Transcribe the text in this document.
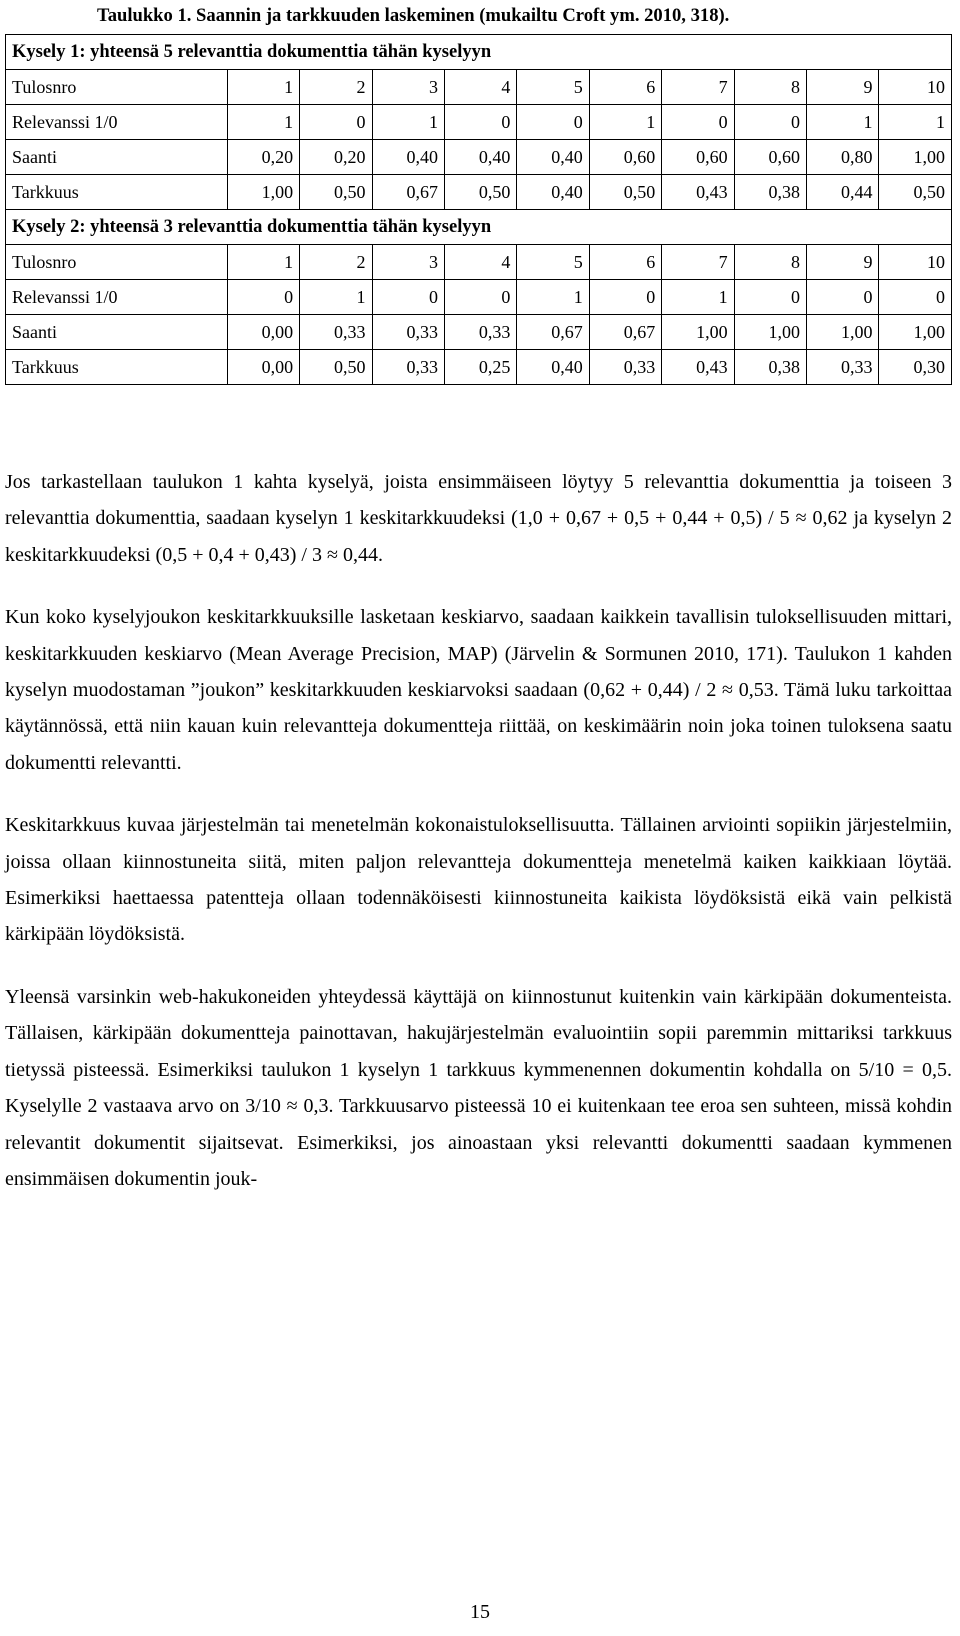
Taulukko 1. Saannin ja tarkkuuden laskeminen (mukailtu Croft ym. 2010, 318).
Kysely 1: yhteensä 5 relevanttia dokumenttia tähän kyselyyn										
Tulosnro	1	2	3	4	5	6	7	8	9	10
Relevanssi 1/0	1	0	1	0	0	1	0	0	1	1
Saanti	0,20	0,20	0,40	0,40	0,40	0,60	0,60	0,60	0,80	1,00
Tarkkuus	1,00	0,50	0,67	0,50	0,40	0,50	0,43	0,38	0,44	0,50
Kysely 2: yhteensä 3 relevanttia dokumenttia tähän kyselyyn										
Tulosnro	1	2	3	4	5	6	7	8	9	10
Relevanssi 1/0	0	1	0	0	1	0	1	0	0	0
Saanti	0,00	0,33	0,33	0,33	0,67	0,67	1,00	1,00	1,00	1,00
Tarkkuus	0,00	0,50	0,33	0,25	0,40	0,33	0,43	0,38	0,33	0,30

Jos tarkastellaan taulukon 1 kahta kyselyä, joista ensimmäiseen löytyy 5 relevanttia dokumenttia ja toiseen 3 relevanttia dokumenttia, saadaan kyselyn 1 keskitarkkuudeksi (1,0 + 0,67 + 0,5 + 0,44 + 0,5) / 5 ≈ 0,62 ja kyselyn 2 keskitarkkuudeksi (0,5 + 0,4 + 0,43) / 3 ≈ 0,44.

Kun koko kyselyjoukon keskitarkkuuksille lasketaan keskiarvo, saadaan kaikkein tavallisin tuloksellisuuden mittari, keskitarkkuuden keskiarvo (Mean Average Precision, MAP) (Järvelin & Sormunen 2010, 171). Taulukon 1 kahden kyselyn muodostaman ”joukon” keskitarkkuuden keskiarvoksi saadaan (0,62 + 0,44) / 2 ≈ 0,53. Tämä luku tarkoittaa käytännössä, että niin kauan kuin relevantteja dokumentteja riittää, on keskimäärin noin joka toinen tuloksena saatu dokumentti relevantti.

Keskitarkkuus kuvaa järjestelmän tai menetelmän kokonaistuloksellisuutta. Tällainen arviointi sopiikin järjestelmiin, joissa ollaan kiinnostuneita siitä, miten paljon relevantteja dokumentteja menetelmä kaiken kaikkiaan löytää. Esimerkiksi haettaessa patentteja ollaan todennäköisesti kiinnostuneita kaikista löydöksistä eikä vain pelkistä kärkipään löydöksistä.

Yleensä varsinkin web-hakukoneiden yhteydessä käyttäjä on kiinnostunut kuitenkin vain kärkipään dokumenteista. Tällaisen, kärkipään dokumentteja painottavan, hakujärjestelmän evaluointiin sopii paremmin mittariksi tarkkuus tietyssä pisteessä. Esimerkiksi taulukon 1 kyselyn 1 tarkkuus kymmenennen dokumentin kohdalla on 5/10 = 0,5. Kyselylle 2 vastaava arvo on 3/10 ≈ 0,3. Tarkkuusarvo pisteessä 10 ei kuitenkaan tee eroa sen suhteen, missä kohdin relevantit dokumentit sijaitsevat. Esimerkiksi, jos ainoastaan yksi relevantti dokumentti saadaan kymmenen ensimmäisen dokumentin jouk-

15
